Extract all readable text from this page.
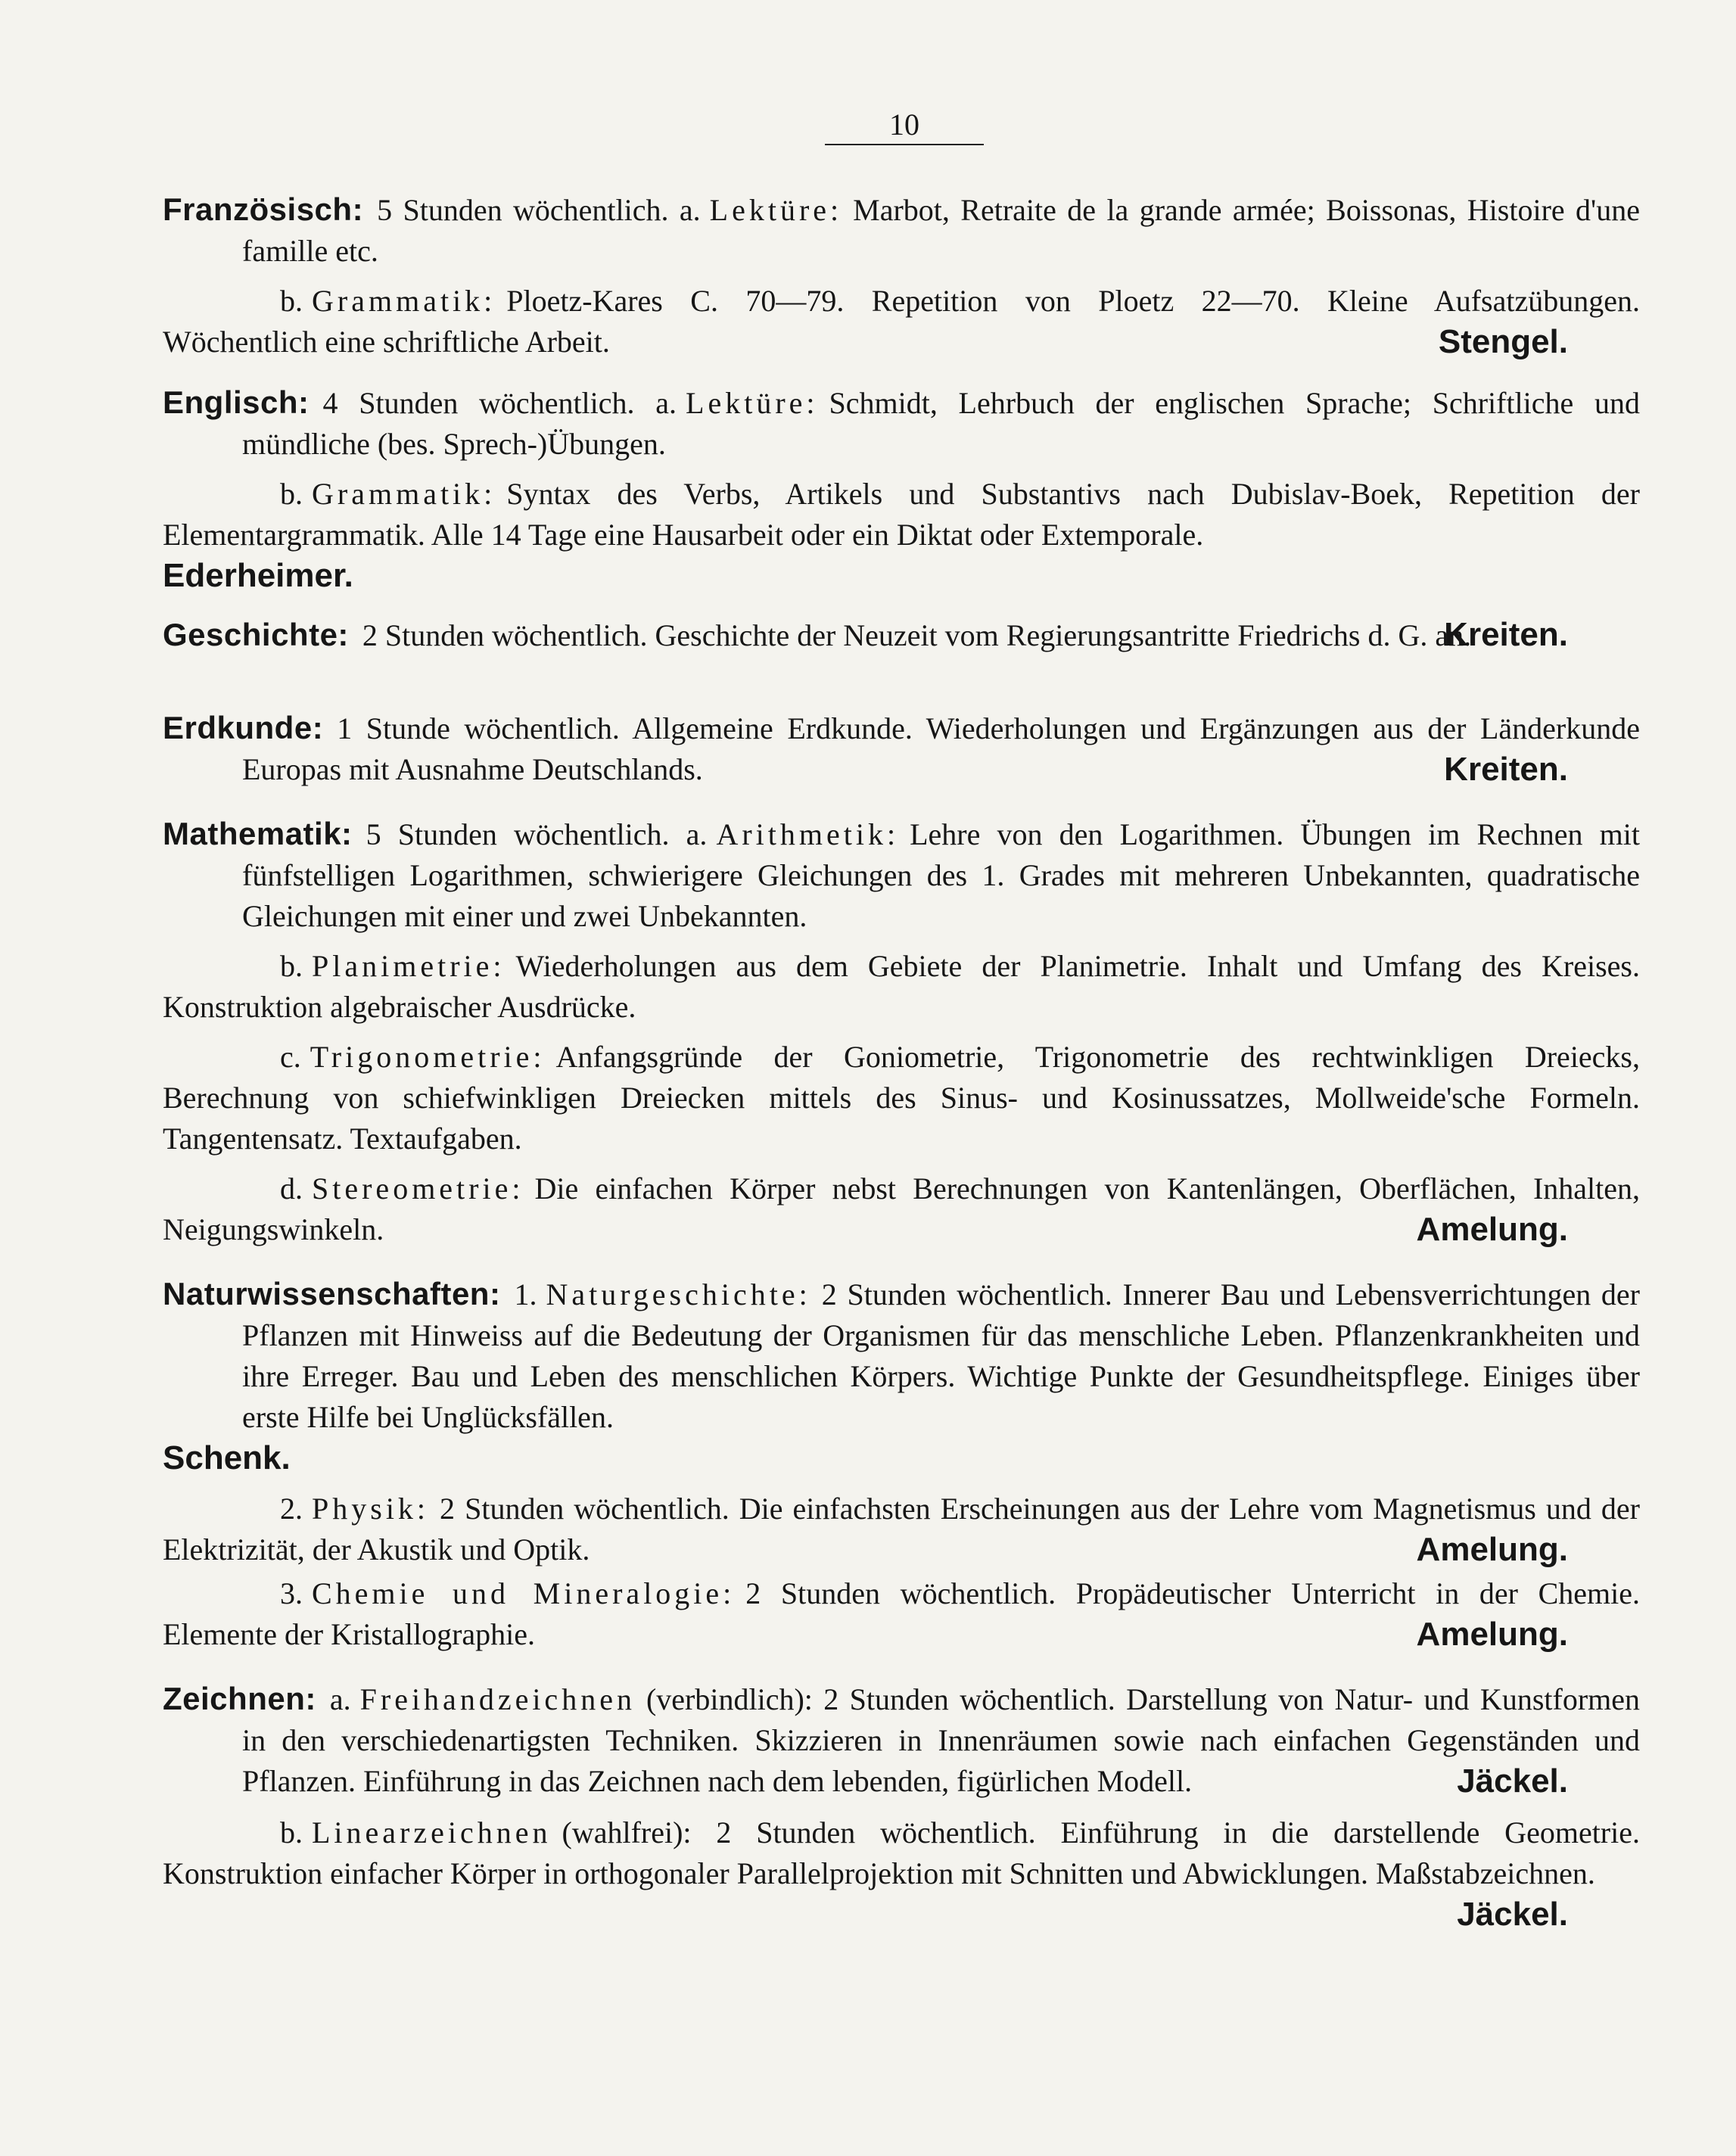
10

Französisch: 5 Stunden wöchentlich. a. Lektüre: Marbot, Retraite de la grande armée; Boissonas, Histoire d'une famille etc.

b. Grammatik: Ploetz-Kares C. 70—79. Repetition von Ploetz 22—70. Kleine Aufsatzübungen. Wöchentlich eine schriftliche Arbeit.	Stengel.

Englisch: 4 Stunden wöchentlich. a. Lektüre: Schmidt, Lehrbuch der englischen Sprache; Schriftliche und mündliche (bes. Sprech-)Übungen.

b. Grammatik: Syntax des Verbs, Artikels und Substantivs nach Dubislav-Boek, Repetition der Elementargrammatik. Alle 14 Tage eine Hausarbeit oder ein Diktat oder Extemporale.

Ederheimer.

Geschichte: 2 Stunden wöchentlich. Geschichte der Neuzeit vom Regierungsantritte Friedrichs d. G. an.
Kreiten.

Erdkunde: 1 Stunde wöchentlich. Allgemeine Erdkunde. Wiederholungen und Ergänzungen aus der Länderkunde Europas mit Ausnahme Deutschlands.	Kreiten.

Mathematik: 5 Stunden wöchentlich. a. Arithmetik: Lehre von den Logarithmen. Übungen im Rechnen mit fünfstelligen Logarithmen, schwierigere Gleichungen des 1. Grades mit mehreren Unbekannten, quadratische Gleichungen mit einer und zwei Unbekannten.

b. Planimetrie: Wiederholungen aus dem Gebiete der Planimetrie. Inhalt und Umfang des Kreises. Konstruktion algebraischer Ausdrücke.

c. Trigonometrie: Anfangsgründe der Goniometrie, Trigonometrie des rechtwinkligen Dreiecks, Berechnung von schiefwinkligen Dreiecken mittels des Sinus- und Kosinussatzes, Mollweide'sche Formeln. Tangentensatz. Textaufgaben.

d. Stereometrie: Die einfachen Körper nebst Berechnungen von Kantenlängen, Oberflächen, Inhalten, Neigungswinkeln.	Amelung.

Naturwissenschaften: 1. Naturgeschichte: 2 Stunden wöchentlich. Innerer Bau und Lebensverrichtungen der Pflanzen mit Hinweiss auf die Bedeutung der Organismen für das menschliche Leben. Pflanzenkrankheiten und ihre Erreger. Bau und Leben des menschlichen Körpers. Wichtige Punkte der Gesundheitspflege. Einiges über erste Hilfe bei Unglücksfällen.

Schenk.

2. Physik: 2 Stunden wöchentlich. Die einfachsten Erscheinungen aus der Lehre vom Magnetismus und der Elektrizität, der Akustik und Optik.	Amelung.

3. Chemie und Mineralogie: 2 Stunden wöchentlich. Propädeutischer Unterricht in der Chemie. Elemente der Kristallographie.	Amelung.

Zeichnen: a. Freihandzeichnen (verbindlich): 2 Stunden wöchentlich. Darstellung von Natur- und Kunstformen in den verschiedenartigsten Techniken. Skizzieren in Innenräumen sowie nach einfachen Gegenständen und Pflanzen. Einführung in das Zeichnen nach dem lebenden, figürlichen Modell.	Jäckel.

b. Linearzeichnen (wahlfrei): 2 Stunden wöchentlich. Einführung in die darstellende Geometrie. Konstruktion einfacher Körper in orthogonaler Parallelprojektion mit Schnitten und Abwicklungen. Maßstabzeichnen.
Jäckel.
